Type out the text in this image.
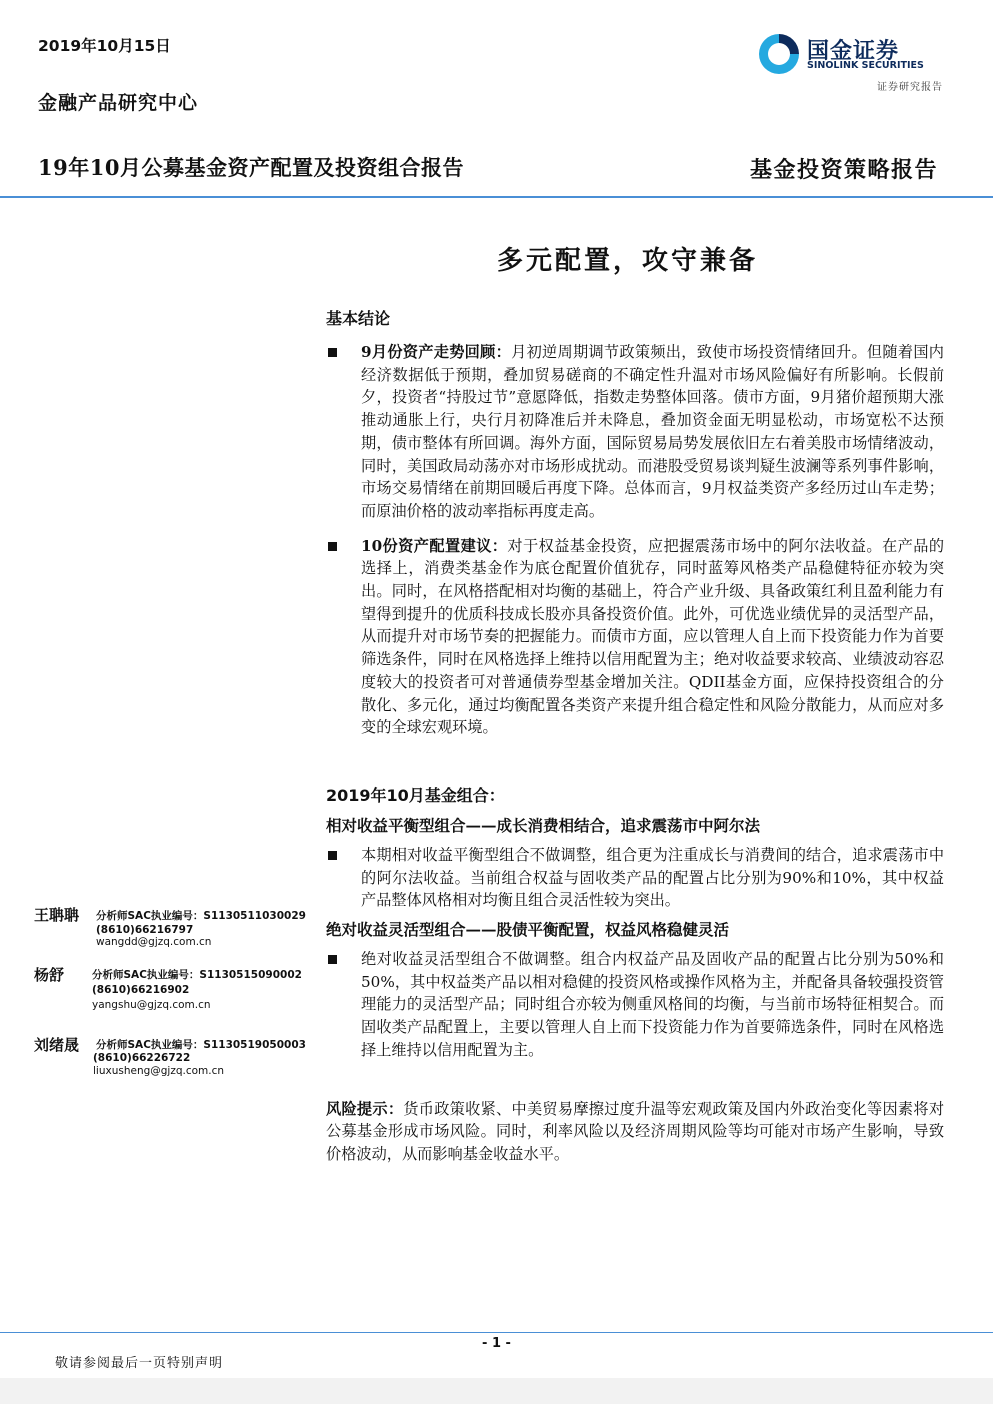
2019年10月15日
金融产品研究中心
国金证券
SINOLINK SECURITIES
证券研究报告
19年10月公募基金资产配置及投资组合报告	基金投资策略报告
多元配置，攻守兼备
基本结论
9月份资产走势回顾：月初逆周期调节政策频出，致使市场投资情绪回升。但随着国内经济数据低于预期，叠加贸易磋商的不确定性升温对市场风险偏好有所影响。长假前夕，投资者“持股过节”意愿降低，指数走势整体回落。债市方面，9月猪价超预期大涨推动通胀上行，央行月初降准后并未降息，叠加资金面无明显松动，市场宽松不达预期，债市整体有所回调。海外方面，国际贸易局势发展依旧左右着美股市场情绪波动，同时，美国政局动荡亦对市场形成扰动。而港股受贸易谈判疑生波澜等系列事件影响，市场交易情绪在前期回暖后再度下降。总体而言，9月权益类资产多经历过山车走势；而原油价格的波动率指标再度走高。
10份资产配置建议：对于权益基金投资，应把握震荡市场中的阿尔法收益。在产品的选择上，消费类基金作为底仓配置价值犹存，同时蓝筹风格类产品稳健特征亦较为突出。同时，在风格搭配相对均衡的基础上，符合产业升级、具备政策红利且盈利能力有望得到提升的优质科技成长股亦具备投资价值。此外，可优选业绩优异的灵活型产品，从而提升对市场节奏的把握能力。而债市方面，应以管理人自上而下投资能力作为首要筛选条件，同时在风格选择上维持以信用配置为主；绝对收益要求较高、业绩波动容忍度较大的投资者可对普通债券型基金增加关注。QDII基金方面，应保持投资组合的分散化、多元化，通过均衡配置各类资产来提升组合稳定性和风险分散能力，从而应对多变的全球宏观环境。
2019年10月基金组合：
相对收益平衡型组合——成长消费相结合，追求震荡市中阿尔法
本期相对收益平衡型组合不做调整，组合更为注重成长与消费间的结合，追求震荡市中的阿尔法收益。当前组合权益与固收类产品的配置占比分别为90%和10%，其中权益产品整体风格相对均衡且组合灵活性较为突出。
绝对收益灵活型组合——股债平衡配置，权益风格稳健灵活
绝对收益灵活型组合不做调整。组合内权益产品及固收产品的配置占比分别为50%和50%，其中权益类产品以相对稳健的投资风格或操作风格为主，并配备具备较强投资管理能力的灵活型产品；同时组合亦较为侧重风格间的均衡，与当前市场特征相契合。而固收类产品配置上，主要以管理人自上而下投资能力作为首要筛选条件，同时在风格选择上维持以信用配置为主。
风险提示：货币政策收紧、中美贸易摩擦过度升温等宏观政策及国内外政治变化等因素将对公募基金形成市场风险。同时，利率风险以及经济周期风险等均可能对市场产生影响，导致价格波动，从而影响基金收益水平。
王聃聃 分析师SAC执业编号：S1130511030029
(8610)66216797
wangdd@gjzq.com.cn
杨舒	分析师SAC执业编号：S1130515090002
(8610)66216902
yangshu@gjzq.com.cn
刘绪晟 分析师SAC执业编号：S1130519050003
(8610)66226722
liuxusheng@gjzq.com.cn
- 1 -
敬请参阅最后一页特别声明
